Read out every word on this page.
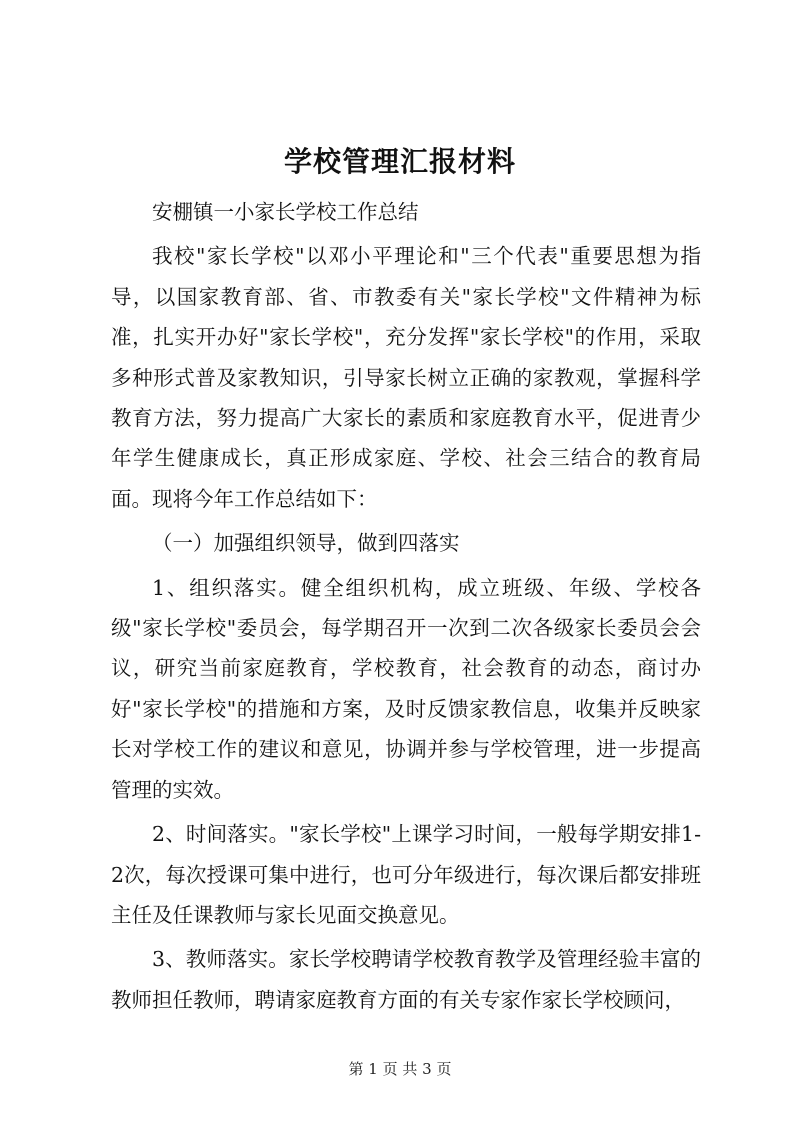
学校管理汇报材料

安棚镇一小家长学校工作总结

我校"家长学校"以邓小平理论和"三个代表"重要思想为指导，以国家教育部、省、市教委有关"家长学校"文件精神为标准，扎实开办好"家长学校"，充分发挥"家长学校"的作用，采取多种形式普及家教知识，引导家长树立正确的家教观，掌握科学教育方法，努力提高广大家长的素质和家庭教育水平，促进青少年学生健康成长，真正形成家庭、学校、社会三结合的教育局面。现将今年工作总结如下：

（一）加强组织领导，做到四落实

1、组织落实。健全组织机构，成立班级、年级、学校各级"家长学校"委员会，每学期召开一次到二次各级家长委员会会议，研究当前家庭教育，学校教育，社会教育的动态，商讨办好"家长学校"的措施和方案，及时反馈家教信息，收集并反映家长对学校工作的建议和意见，协调并参与学校管理，进一步提高管理的实效。

2、时间落实。"家长学校"上课学习时间，一般每学期安排1-2次，每次授课可集中进行，也可分年级进行，每次课后都安排班主任及任课教师与家长见面交换意见。

3、教师落实。家长学校聘请学校教育教学及管理经验丰富的教师担任教师，聘请家庭教育方面的有关专家作家长学校顾问，

第 1 页 共 3 页
